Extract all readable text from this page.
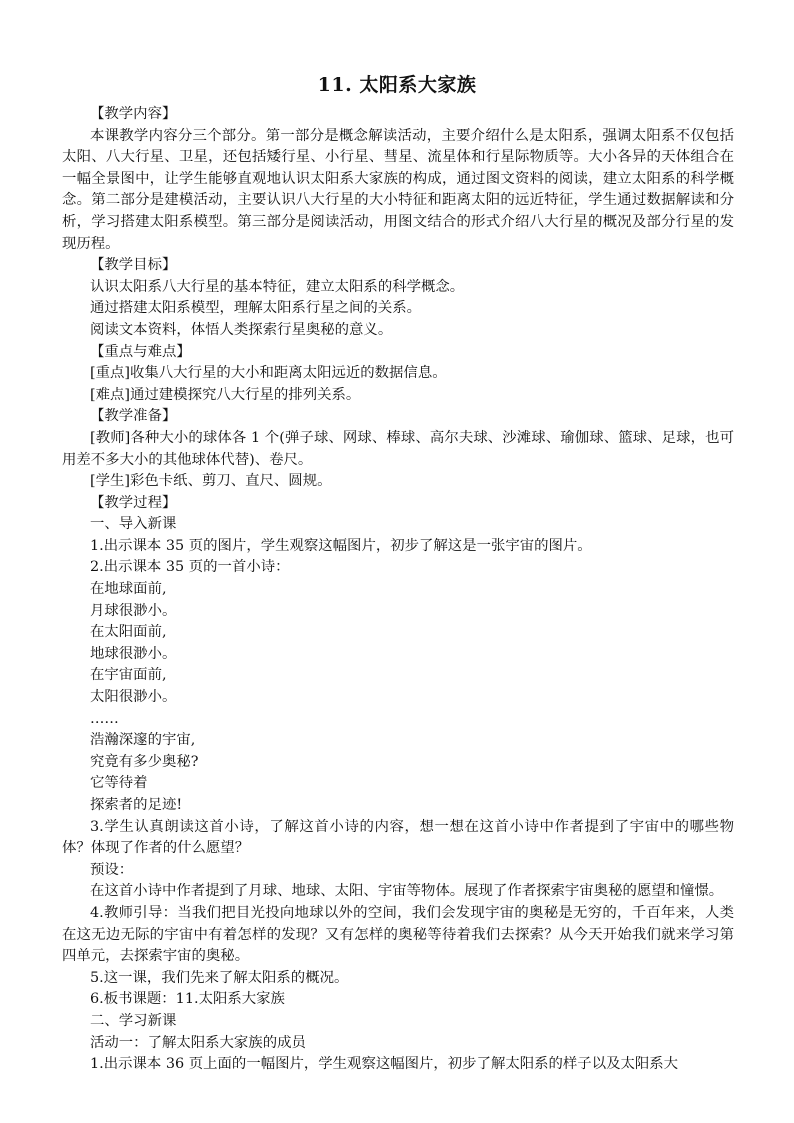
11. 太阳系大家族

【教学内容】

本课教学内容分三个部分。第一部分是概念解读活动，主要介绍什么是太阳系，强调太阳系不仅包括太阳、八大行星、卫星，还包括矮行星、小行星、彗星、流星体和行星际物质等。大小各异的天体组合在一幅全景图中，让学生能够直观地认识太阳系大家族的构成，通过图文资料的阅读，建立太阳系的科学概念。第二部分是建模活动，主要认识八大行星的大小特征和距离太阳的远近特征，学生通过数据解读和分析，学习搭建太阳系模型。第三部分是阅读活动，用图文结合的形式介绍八大行星的概况及部分行星的发现历程。

【教学目标】

认识太阳系八大行星的基本特征，建立太阳系的科学概念。

通过搭建太阳系模型，理解太阳系行星之间的关系。

阅读文本资料，体悟人类探索行星奥秘的意义。

【重点与难点】

[重点]收集八大行星的大小和距离太阳远近的数据信息。

[难点]通过建模探究八大行星的排列关系。

【教学准备】

[教师]各种大小的球体各 1 个(弹子球、网球、棒球、高尔夫球、沙滩球、瑜伽球、篮球、足球，也可用差不多大小的其他球体代替)、卷尺。

[学生]彩色卡纸、剪刀、直尺、圆规。

【教学过程】

一、导入新课

1.出示课本 35 页的图片，学生观察这幅图片，初步了解这是一张宇宙的图片。

2.出示课本 35 页的一首小诗：

在地球面前,

月球很渺小。

在太阳面前,

地球很渺小。

在宇宙面前,

太阳很渺小。

……

浩瀚深邃的宇宙,

究竟有多少奥秘?

它等待着

探索者的足迹!

3.学生认真朗读这首小诗，了解这首小诗的内容，想一想在这首小诗中作者提到了宇宙中的哪些物体？体现了作者的什么愿望？

预设：

在这首小诗中作者提到了月球、地球、太阳、宇宙等物体。展现了作者探索宇宙奥秘的愿望和憧憬。

4.教师引导：当我们把目光投向地球以外的空间，我们会发现宇宙的奥秘是无穷的，千百年来，人类在这无边无际的宇宙中有着怎样的发现？又有怎样的奥秘等待着我们去探索？从今天开始我们就来学习第四单元，去探索宇宙的奥秘。

5.这一课，我们先来了解太阳系的概况。

6.板书课题：11.太阳系大家族

二、学习新课

活动一：了解太阳系大家族的成员

1.出示课本 36 页上面的一幅图片，学生观察这幅图片，初步了解太阳系的样子以及太阳系大
